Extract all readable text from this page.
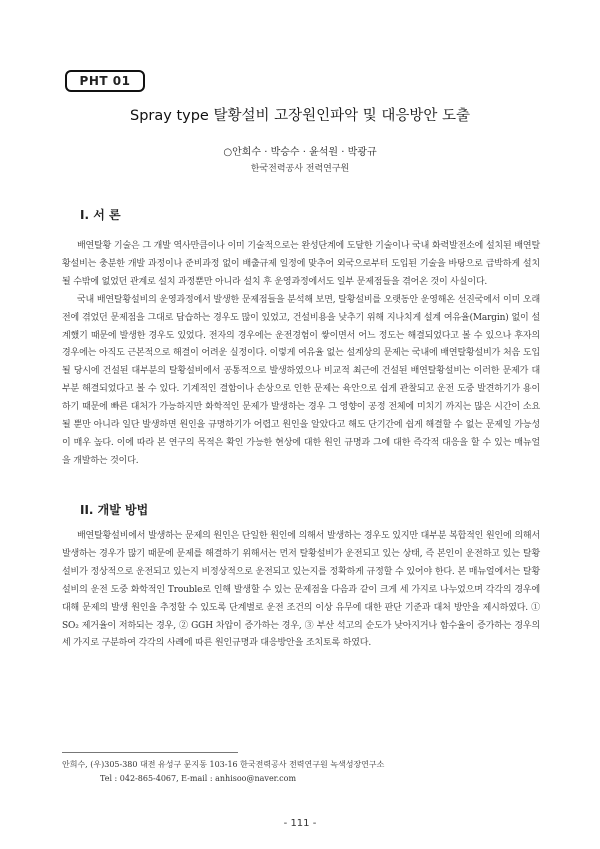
PHT 01
Spray type 탈황설비 고장원인파악 및 대응방안 도출
○안희수 · 박승수 · 윤석원 · 박광규
한국전력공사 전력연구원
I. 서 론

배연탈황 기술은 그 개발 역사만큼이나 이미 기술적으로는 완성단계에 도달한 기술이나 국내 화력발전소에 설치된 배연탈황설비는 충분한 개발 과정이나 준비과정 없이 배출규제 일정에 맞추어 외국으로부터 도입된 기술을 바탕으로 급박하게 설치될 수밖에 없었던 관계로 설치 과정뿐만 아니라 설치 후 운영과정에서도 일부 문제점들을 겪어온 것이 사실이다.

국내 배연탈황설비의 운영과정에서 발생한 문제점들을 분석해 보면, 탈황설비를 오랫동안 운영해온 선진국에서 이미 오래전에 겪었던 문제점을 그대로 답습하는 경우도 많이 있었고, 건설비용을 낮추기 위해 지나치게 설계 여유율(Margin) 없이 설계했기 때문에 발생한 경우도 있었다. 전자의 경우에는 운전경험이 쌓이면서 어느 정도는 해결되었다고 볼 수 있으나 후자의 경우에는 아직도 근본적으로 해결이 어려운 실정이다. 이렇게 여유율 없는 설계상의 문제는 국내에 배연탈황설비가 처음 도입될 당시에 건설된 대부분의 탈황설비에서 공통적으로 발생하였으나 비교적 최근에 건설된 배연탈황설비는 이러한 문제가 대부분 해결되었다고 볼 수 있다. 기계적인 결함이나 손상으로 인한 문제는 육안으로 쉽게 관찰되고 운전 도중 발견하기가 용이하기 때문에 빠른 대처가 가능하지만 화학적인 문제가 발생하는 경우 그 영향이 공정 전체에 미치기 까지는 많은 시간이 소요될 뿐만 아니라 일단 발생하면 원인을 규명하기가 어렵고 원인을 알았다고 해도 단기간에 쉽게 해결할 수 없는 문제일 가능성이 매우 높다. 이에 따라 본 연구의 목적은 확인 가능한 현상에 대한 원인 규명과 그에 대한 즉각적 대응을 할 수 있는 매뉴얼을 개발하는 것이다.

II. 개발 방법

배연탈황설비에서 발생하는 문제의 원인은 단일한 원인에 의해서 발생하는 경우도 있지만 대부분 복합적인 원인에 의해서 발생하는 경우가 많기 때문에 문제를 해결하기 위해서는 먼저 탈황설비가 운전되고 있는 상태, 즉 본인이 운전하고 있는 탈황설비가 정상적으로 운전되고 있는지 비정상적으로 운전되고 있는지를 정확하게 규정할 수 있어야 한다. 본 매뉴얼에서는 탈황설비의 운전 도중 화학적인 Trouble로 인해 발생할 수 있는 문제점을 다음과 같이 크게 세 가지로 나누었으며 각각의 경우에 대해 문제의 발생 원인을 추정할 수 있도록 단계별로 운전 조건의 이상 유무에 대한 판단 기준과 대처 방안을 제시하였다. ① SO₂ 제거율이 저하되는 경우, ② GGH 차압이 증가하는 경우, ③ 부산 석고의 순도가 낮아지거나 함수율이 증가하는 경우의 세 가지로 구분하여 각각의 사례에 따른 원인규명과 대응방안을 조치토록 하였다.

안희수, (우)305-380 대전 유성구 문지동 103-16 한국전력공사 전력연구원 녹색성장연구소
Tel : 042-865-4067, E-mail : anhisoo@naver.com
- 111 -
